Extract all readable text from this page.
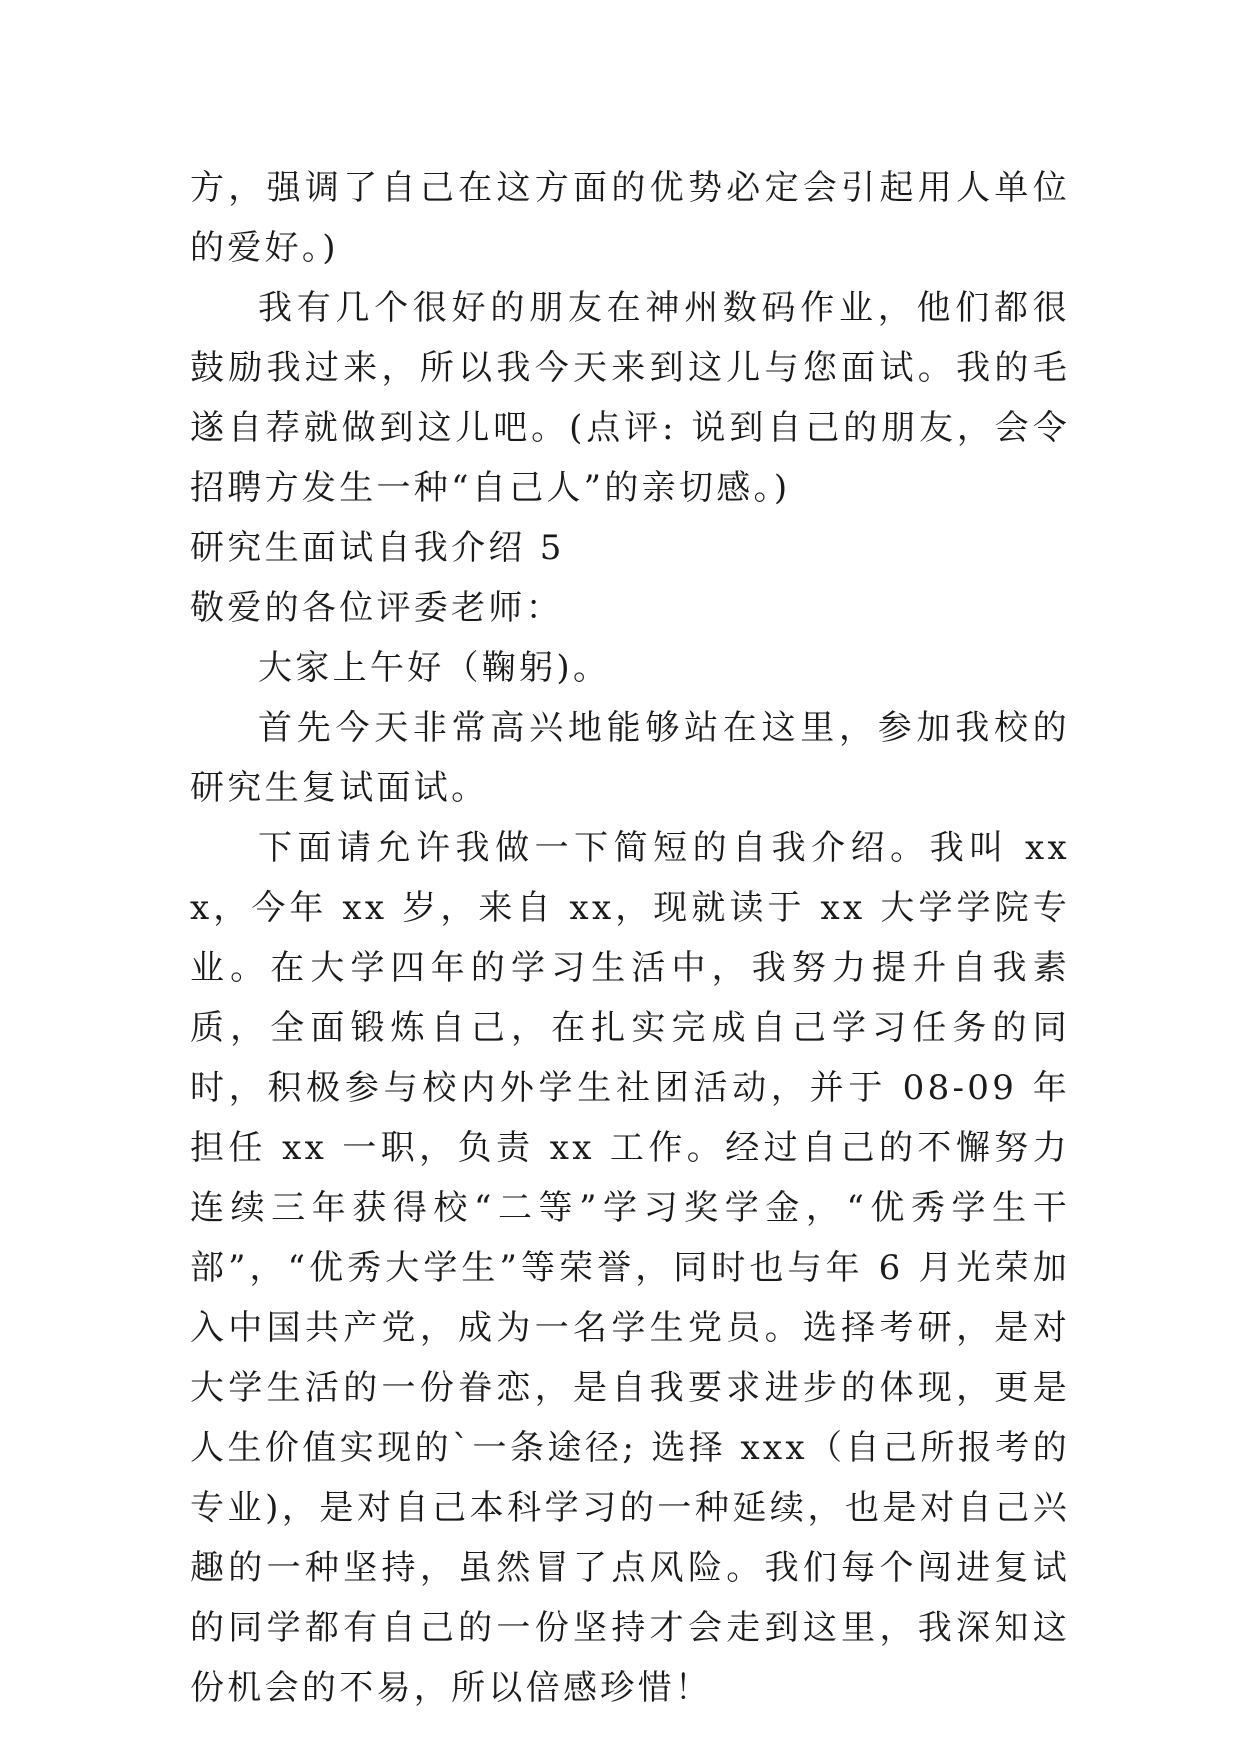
方，强调了自己在这方面的优势必定会引起用人单位的爱好。)

我有几个很好的朋友在神州数码作业，他们都很鼓励我过来，所以我今天来到这儿与您面试。我的毛遂自荐就做到这儿吧。(点评: 说到自己的朋友，会令招聘方发生一种“自己人”的亲切感。)

研究生面试自我介绍 5

敬爱的各位评委老师：

大家上午好（鞠躬)。

首先今天非常高兴地能够站在这里，参加我校的研究生复试面试。

下面请允许我做一下简短的自我介绍。我叫 xxx，今年 xx 岁，来自 xx，现就读于 xx 大学学院专业。在大学四年的学习生活中，我努力提升自我素质，全面锻炼自己，在扎实完成自己学习任务的同时，积极参与校内外学生社团活动，并于 08-09 年担任 xx 一职，负责 xx 工作。经过自己的不懈努力连续三年获得校“二等”学习奖学金，“优秀学生干部”，“优秀大学生”等荣誉，同时也与年 6 月光荣加入中国共产党，成为一名学生党员。选择考研，是对大学生活的一份眷恋，是自我要求进步的体现，更是人生价值实现的`一条途径; 选择 xxx（自己所报考的专业)，是对自己本科学习的一种延续，也是对自己兴趣的一种坚持，虽然冒了点风险。我们每个闯进复试的同学都有自己的一份坚持才会走到这里，我深知这份机会的不易，所以倍感珍惜！
